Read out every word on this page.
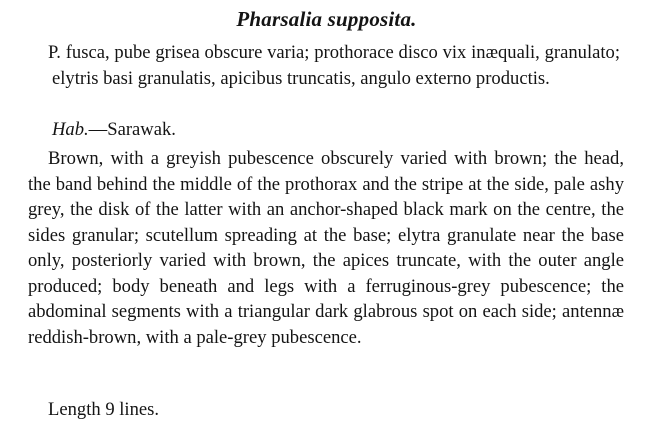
Pharsalia supposita.
P. fusca, pube grisea obscure varia; prothorace disco vix inæquali, granulato; elytris basi granulatis, apicibus truncatis, angulo externo productis.
Hab.—Sarawak.
Brown, with a greyish pubescence obscurely varied with brown; the head, the band behind the middle of the prothorax and the stripe at the side, pale ashy grey, the disk of the latter with an anchor-shaped black mark on the centre, the sides granular; scutellum spreading at the base; elytra granulate near the base only, posteriorly varied with brown, the apices truncate, with the outer angle produced; body beneath and legs with a ferruginous-grey pubescence; the abdominal segments with a triangular dark glabrous spot on each side; antennæ reddish-brown, with a pale-grey pubescence.
Length 9 lines.
